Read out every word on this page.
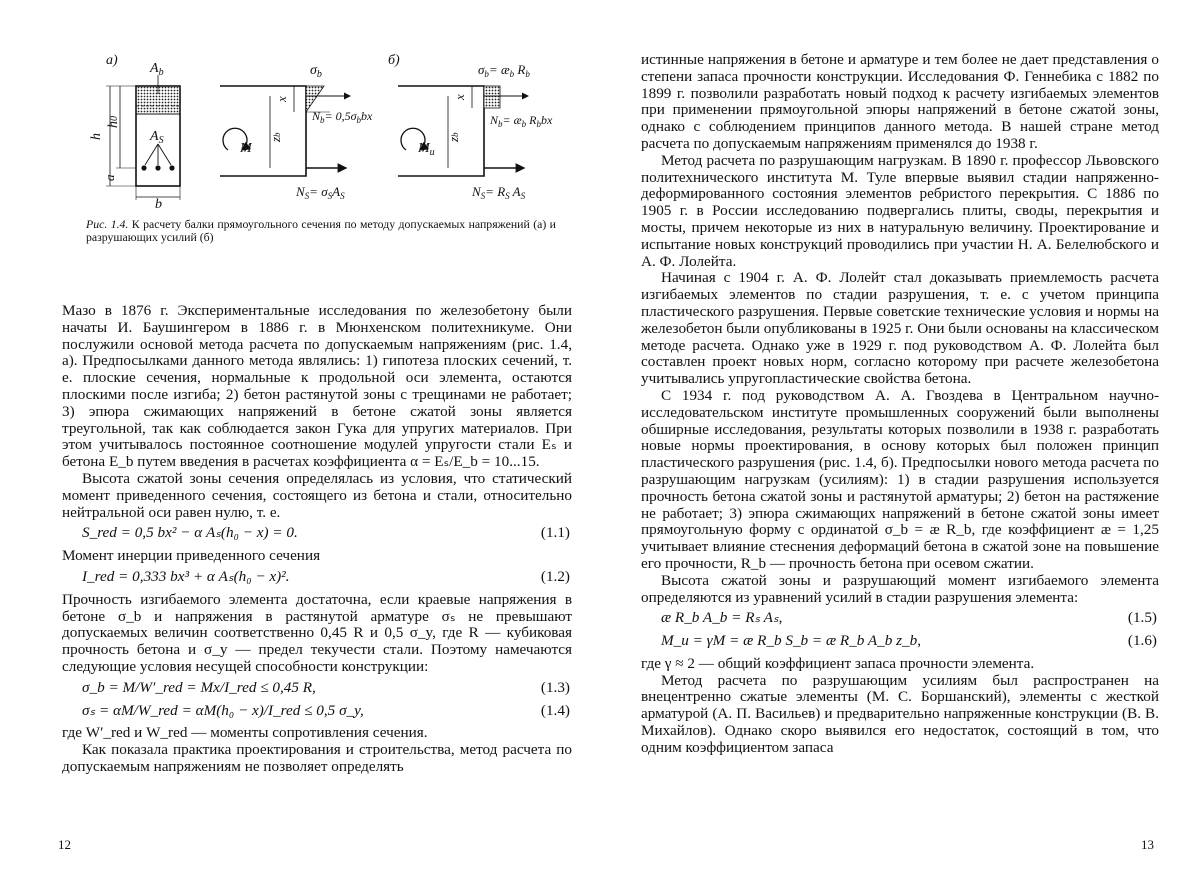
а)	б)
$A_b$
$A_S$
h
h0
a
b
$\sigma_b$
$N_b= 0,5\sigma_bbx$
M
zb
x
$N_S= \sigma_SA_S$
$\sigma_b=$ $æ_b$ $R_b$
$N_b=$ $æ_b$ $R_bbx$
$M_u$
zb
x
$N_S= R_S$ $A_S$
Рис. 1.4. К расчету балки прямоугольного сечения по методу допускаемых напряжений (а) и разрушающих усилий (б)

Мазо в 1876 г. Экспериментальные исследования по железобетону были начаты И. Баушингером в 1886 г. в Мюнхенском политехникуме. Они послужили основой метода расчета по допускаемым напряжениям (рис. 1.4, а). Предпосылками данного метода являлись: 1) гипотеза плоских сечений, т. е. плоские сечения, нормальные к продольной оси элемента, остаются плоскими после изгиба; 2) бетон растянутой зоны с трещинами не работает; 3) эпюра сжимающих напряжений в бетоне сжатой зоны является треугольной, так как соблюдается закон Гука для упругих материалов. При этом учитывалось постоянное соотношение модулей упругости стали Eₛ и бетона E_b путем введения в расчетах коэффициента α = Eₛ/E_b = 10...15.

Высота сжатой зоны сечения определялась из условия, что статический момент приведенного сечения, состоящего из бетона и стали, относительно нейтральной оси равен нулю, т. е.

S_red = 0,5 bx² − α Aₛ(h₀ − x) = 0.	(1.1)

Момент инерции приведенного сечения

I_red = 0,333 bx³ + α Aₛ(h₀ − x)².	(1.2)

Прочность изгибаемого элемента достаточна, если краевые напряжения в бетоне σ_b и напряжения в растянутой арматуре σₛ не превышают допускаемых величин соответственно 0,45 R и 0,5 σ_y, где R — кубиковая прочность бетона и σ_y — предел текучести стали. Поэтому намечаются следующие условия несущей способности конструкции:

σ_b = M/W′_red = Mx/I_red ≤ 0,45 R,	(1.3)
σₛ = αM/W_red = αM(h₀ − x)/I_red ≤ 0,5 σ_y,	(1.4)

где W′_red и W_red — моменты сопротивления сечения.

Как показала практика проектирования и строительства, метод расчета по допускаемым напряжениям не позволяет определять

12

истинные напряжения в бетоне и арматуре и тем более не дает представления о степени запаса прочности конструкции. Исследования Ф. Геннебика с 1882 по 1899 г. позволили разработать новый подход к расчету изгибаемых элементов при применении прямоугольной эпюры напряжений в бетоне сжатой зоны, однако с соблюдением принципов данного метода. В нашей стране метод расчета по допускаемым напряжениям применялся до 1938 г.

Метод расчета по разрушающим нагрузкам. В 1890 г. профессор Львовского политехнического института М. Туле впервые выявил стадии напряженно-деформированного состояния элементов ребристого перекрытия. С 1886 по 1905 г. в России исследованию подвергались плиты, своды, перекрытия и мосты, причем некоторые из них в натуральную величину. Проектирование и испытание новых конструкций проводились при участии Н. А. Белелюбского и А. Ф. Лолейта.

Начиная с 1904 г. А. Ф. Лолейт стал доказывать приемлемость расчета изгибаемых элементов по стадии разрушения, т. е. с учетом принципа пластического разрушения. Первые советские технические условия и нормы на железобетон были опубликованы в 1925 г. Они были основаны на классическом методе расчета. Однако уже в 1929 г. под руководством А. Ф. Лолейта был составлен проект новых норм, согласно которому при расчете железобетона учитывались упругопластические свойства бетона.

С 1934 г. под руководством А. А. Гвоздева в Центральном научно-исследовательском институте промышленных сооружений были выполнены обширные исследования, результаты которых позволили в 1938 г. разработать новые нормы проектирования, в основу которых был положен принцип пластического разрушения (рис. 1.4, б). Предпосылки нового метода расчета по разрушающим нагрузкам (усилиям): 1) в стадии разрушения используется прочность бетона сжатой зоны и растянутой арматуры; 2) бетон на растяжение не работает; 3) эпюра сжимающих напряжений в бетоне сжатой зоны имеет прямоугольную форму с ординатой σ_b = æ R_b, где коэффициент æ = 1,25 учитывает влияние стеснения деформаций бетона в сжатой зоне на повышение его прочности, R_b — прочность бетона при осевом сжатии.

Высота сжатой зоны и разрушающий момент изгибаемого элемента определяются из уравнений усилий в стадии разрушения элемента:

æ R_b A_b = Rₛ Aₛ,	(1.5)
M_u = γM = æ R_b S_b = æ R_b A_b z_b,	(1.6)

где γ ≈ 2 — общий коэффициент запаса прочности элемента.

Метод расчета по разрушающим усилиям был распространен на внецентренно сжатые элементы (М. С. Боршанский), элементы с жесткой арматурой (А. П. Васильев) и предварительно напряженные конструкции (В. В. Михайлов). Однако скоро выявился его недостаток, состоящий в том, что одним коэффициентом запаса

13
